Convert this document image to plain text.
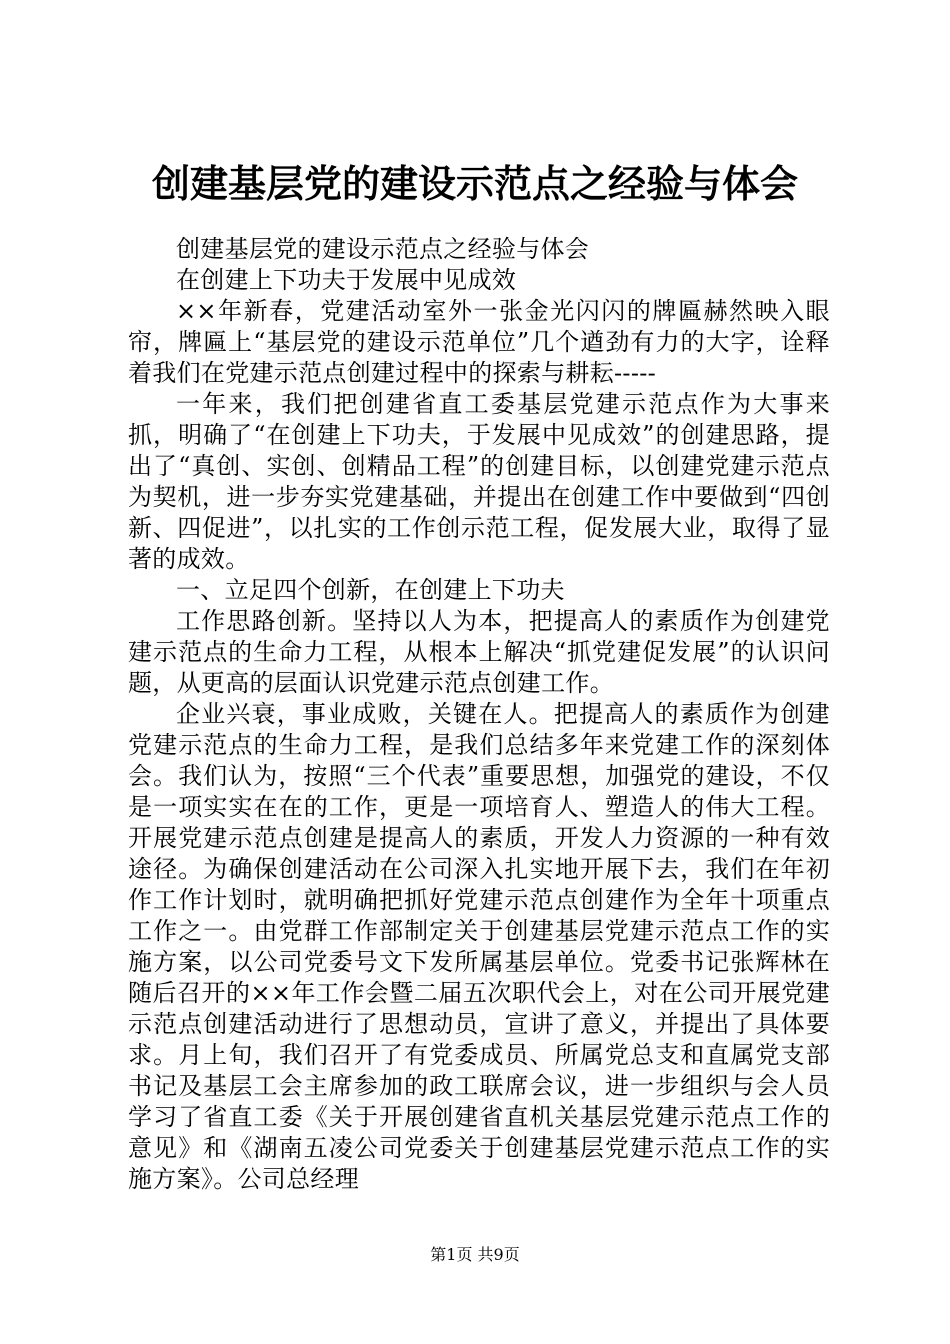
创建基层党的建设示范点之经验与体会

创建基层党的建设示范点之经验与体会

在创建上下功夫于发展中见成效

××年新春，党建活动室外一张金光闪闪的牌匾赫然映入眼帘，牌匾上“基层党的建设示范单位”几个遒劲有力的大字，诠释着我们在党建示范点创建过程中的探索与耕耘-----

一年来，我们把创建省直工委基层党建示范点作为大事来抓，明确了“在创建上下功夫，于发展中见成效”的创建思路，提出了“真创、实创、创精品工程”的创建目标，以创建党建示范点为契机，进一步夯实党建基础，并提出在创建工作中要做到“四创新、四促进”，以扎实的工作创示范工程，促发展大业，取得了显著的成效。

一、立足四个创新，在创建上下功夫

工作思路创新。坚持以人为本，把提高人的素质作为创建党建示范点的生命力工程，从根本上解决“抓党建促发展”的认识问题，从更高的层面认识党建示范点创建工作。

企业兴衰，事业成败，关键在人。把提高人的素质作为创建党建示范点的生命力工程，是我们总结多年来党建工作的深刻体会。我们认为，按照“三个代表”重要思想，加强党的建设，不仅是一项实实在在的工作，更是一项培育人、塑造人的伟大工程。开展党建示范点创建是提高人的素质，开发人力资源的一种有效途径。为确保创建活动在公司深入扎实地开展下去，我们在年初作工作计划时，就明确把抓好党建示范点创建作为全年十项重点工作之一。由党群工作部制定关于创建基层党建示范点工作的实施方案，以公司党委号文下发所属基层单位。党委书记张辉林在随后召开的××年工作会暨二届五次职代会上，对在公司开展党建示范点创建活动进行了思想动员，宣讲了意义，并提出了具体要求。月上旬，我们召开了有党委成员、所属党总支和直属党支部书记及基层工会主席参加的政工联席会议，进一步组织与会人员学习了省直工委《关于开展创建省直机关基层党建示范点工作的意见》和《湖南五凌公司党委关于创建基层党建示范点工作的实施方案》。公司总经理

第1页 共9页
